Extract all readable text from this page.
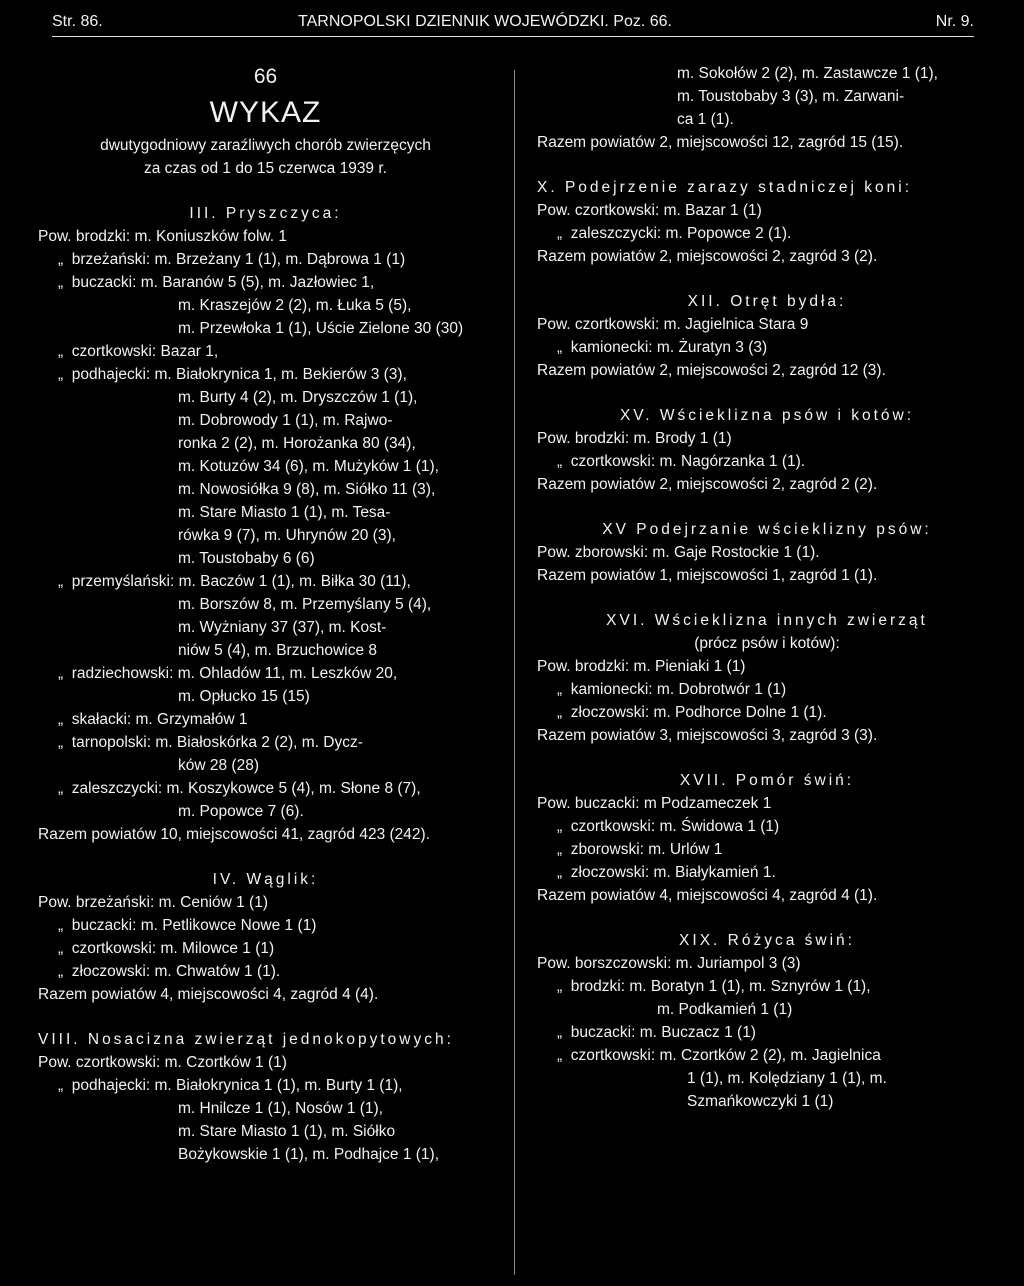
Str. 86.	TARNOPOLSKI DZIENNIK WOJEWÓDZKI. Poz. 66.	Nr. 9.
66
WYKAZ
dwutygodniowy zaraźliwych chorób zwierzęcych
za czas od 1 do 15 czerwca 1939 r.
III. Pryszczyca:
Pow. brodzki: m. Koniuszków folw. 1
„  brzeżański: m. Brzeżany 1 (1), m. Dąbrowa 1 (1)
„  buczacki: m. Baranów 5 (5), m. Jazłowiec 1,
m. Kraszejów 2 (2), m. Łuka 5 (5),
m. Przewłoka 1 (1), Uście Zielone 30 (30)
„  czortkowski: Bazar 1,
„  podhajecki: m. Białokrynica 1, m. Bekierów 3 (3),
m. Burty 4 (2), m. Dryszczów 1 (1),
m. Dobrowody 1 (1), m. Rajwo-
ronka 2 (2), m. Horożanka 80 (34),
m. Kotuzów 34 (6), m. Mużyków 1 (1),
m. Nowosiółka 9 (8), m. Siółko 11 (3),
m. Stare Miasto 1 (1), m. Tesa-
rówka 9 (7), m. Uhrynów 20 (3),
m. Toustobaby 6 (6)
„  przemyślański: m. Baczów 1 (1), m. Biłka 30 (11),
m. Borszów 8, m. Przemyślany 5 (4),
m. Wyżniany 37 (37), m. Kost-
niów 5 (4), m. Brzuchowice 8
„  radziechowski: m. Ohladów 11, m. Leszków 20,
m. Opłucko 15 (15)
„  skałacki: m. Grzymałów 1
„  tarnopolski: m. Białoskórka 2 (2), m. Dycz-
ków 28 (28)
„  zaleszczycki: m. Koszykowce 5 (4), m. Słone 8 (7),
m. Popowce 7 (6).
Razem powiatów 10, miejscowości 41, zagród 423 (242).
IV. Wąglik:
Pow. brzeżański: m. Ceniów 1 (1)
„  buczacki: m. Petlikowce Nowe 1 (1)
„  czortkowski: m. Milowce 1 (1)
„  złoczowski: m. Chwatów 1 (1).
Razem powiatów 4, miejscowości 4, zagród 4 (4).
VIII. Nosacizna zwierząt jednokopytowych:
Pow. czortkowski: m. Czortków 1 (1)
„  podhajecki: m. Białokrynica 1 (1), m. Burty 1 (1),
m. Hnilcze 1 (1), Nosów 1 (1),
m. Stare Miasto 1 (1), m. Siółko
Bożykowskie 1 (1), m. Podhajce 1 (1),
m. Sokołów 2 (2), m. Zastawcze 1 (1),
m. Toustobaby 3 (3), m. Zarwani-
ca 1 (1).
Razem powiatów 2, miejscowości 12, zagród 15 (15).
X. Podejrzenie zarazy stadniczej koni:
Pow. czortkowski: m. Bazar 1 (1)
„  zaleszczycki: m. Popowce 2 (1).
Razem powiatów 2, miejscowości 2, zagród 3 (2).
XII. Otręt bydła:
Pow. czortkowski: m. Jagielnica Stara 9
„  kamionecki: m. Żuratyn 3 (3)
Razem powiatów 2, miejscowości 2, zagród 12 (3).
XV. Wścieklizna psów i kotów:
Pow. brodzki: m. Brody 1 (1)
„  czortkowski: m. Nagórzanka 1 (1).
Razem powiatów 2, miejscowości 2, zagród 2 (2).
XV Podejrzanie wścieklizny psów:
Pow. zborowski: m. Gaje Rostockie 1 (1).
Razem powiatów 1, miejscowości 1, zagród 1 (1).
XVI. Wścieklizna innych zwierząt
(prócz psów i kotów):
Pow. brodzki: m. Pieniaki 1 (1)
„  kamionecki: m. Dobrotwór 1 (1)
„  złoczowski: m. Podhorce Dolne 1 (1).
Razem powiatów 3, miejscowości 3, zagród 3 (3).
XVII. Pomór świń:
Pow. buczacki: m Podzameczek 1
„  czortkowski: m. Świdowa 1 (1)
„  zborowski: m. Urlów 1
„  złoczowski: m. Białykamień 1.
Razem powiatów 4, miejscowości 4, zagród 4 (1).
XIX. Różyca świń:
Pow. borszczowski: m. Juriampol 3 (3)
„  brodzki: m. Boratyn 1 (1), m. Sznyrów 1 (1),
m. Podkamień 1 (1)
„  buczacki: m. Buczacz 1 (1)
„  czortkowski: m. Czortków 2 (2), m. Jagielnica
1 (1), m. Kolędziany 1 (1), m.
Szmańkowczyki 1 (1)
